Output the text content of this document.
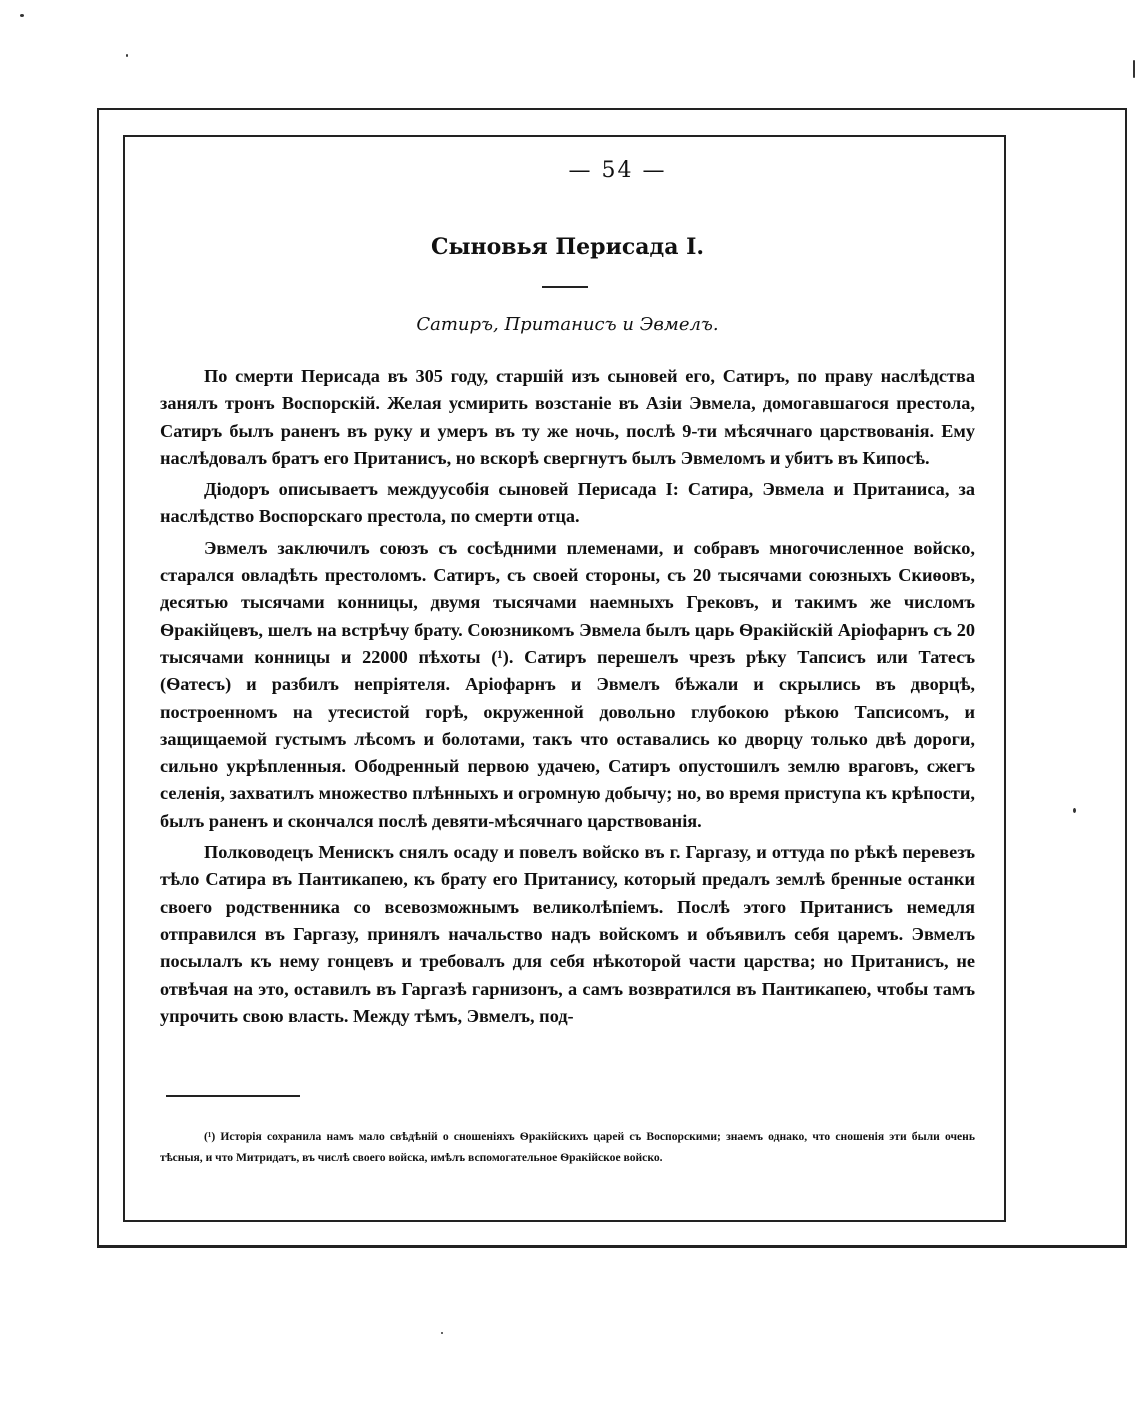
— 54 —
Сыновья Перисада I.
Сатиръ, Пританисъ и Эвмелъ.

По смерти Перисада въ 305 году, старшій изъ сыновей его, Сатиръ, по праву наслѣдства занялъ тронъ Воспорскій. Желая усмирить возстаніе въ Азіи Эвмела, домогавшагося престола, Сатиръ былъ раненъ въ руку и умеръ въ ту же ночь, послѣ 9-ти мѣсячнаго царствованія. Ему наслѣдовалъ братъ его Пританисъ, но вскорѣ свергнутъ былъ Эвмеломъ и убитъ въ Кипосѣ.

Діодоръ описываетъ междуусобія сыновей Перисада I: Сатира, Эвмела и Пританиса, за наслѣдство Воспорскаго престола, по смерти отца.

Эвмелъ заключилъ союзъ съ сосѣдними племенами, и собравъ многочисленное войско, старался овладѣть престоломъ. Сатиръ, съ своей стороны, съ 20 тысячами союзныхъ Скиѳовъ, десятью тысячами конницы, двумя тысячами наемныхъ Грековъ, и такимъ же числомъ Ѳракійцевъ, шелъ на встрѣчу брату. Союзникомъ Эвмела былъ царь Ѳракійскій Аріофарнъ съ 20 тысячами конницы и 22000 пѣхоты (¹). Сатиръ перешелъ чрезъ рѣку Тапсисъ или Татесъ (Ѳатесъ) и разбилъ непріятеля. Аріофарнъ и Эвмелъ бѣжали и скрылись въ дворцѣ, построенномъ на утесистой горѣ, окруженной довольно глубокою рѣкою Тапсисомъ, и защищаемой густымъ лѣсомъ и болотами, такъ что оставались ко дворцу только двѣ дороги, сильно укрѣпленныя. Ободренный первою удачею, Сатиръ опустошилъ землю враговъ, сжегъ селенія, захватилъ множество плѣнныхъ и огромную добычу; но, во время приступа къ крѣпости, былъ раненъ и скончался послѣ девяти-мѣсячнаго царствованія.

Полководецъ Менискъ снялъ осаду и повелъ войско въ г. Гаргазу, и оттуда по рѣкѣ перевезъ тѣло Сатира въ Пантикапею, къ брату его Пританису, который предалъ землѣ бренные останки своего родственника со всевозможнымъ великолѣпіемъ. Послѣ этого Пританисъ немедля отправился въ Гаргазу, принялъ начальство надъ войскомъ и объявилъ себя царемъ. Эвмелъ посылалъ къ нему гонцевъ и требовалъ для себя нѣкоторой части царства; но Пританисъ, не отвѣчая на это, оставилъ въ Гаргазѣ гарнизонъ, а самъ возвратился въ Пантикапею, чтобы тамъ упрочить свою власть. Между тѣмъ, Эвмелъ, под-

(¹) Исторія сохранила намъ мало свѣдѣній о сношеніяхъ Ѳракійскихъ царей съ Воспорскими; знаемъ однако, что сношенія эти были очень тѣсныя, и что Митридатъ, въ числѣ своего войска, имѣлъ вспомогательное Ѳракійское войско.
